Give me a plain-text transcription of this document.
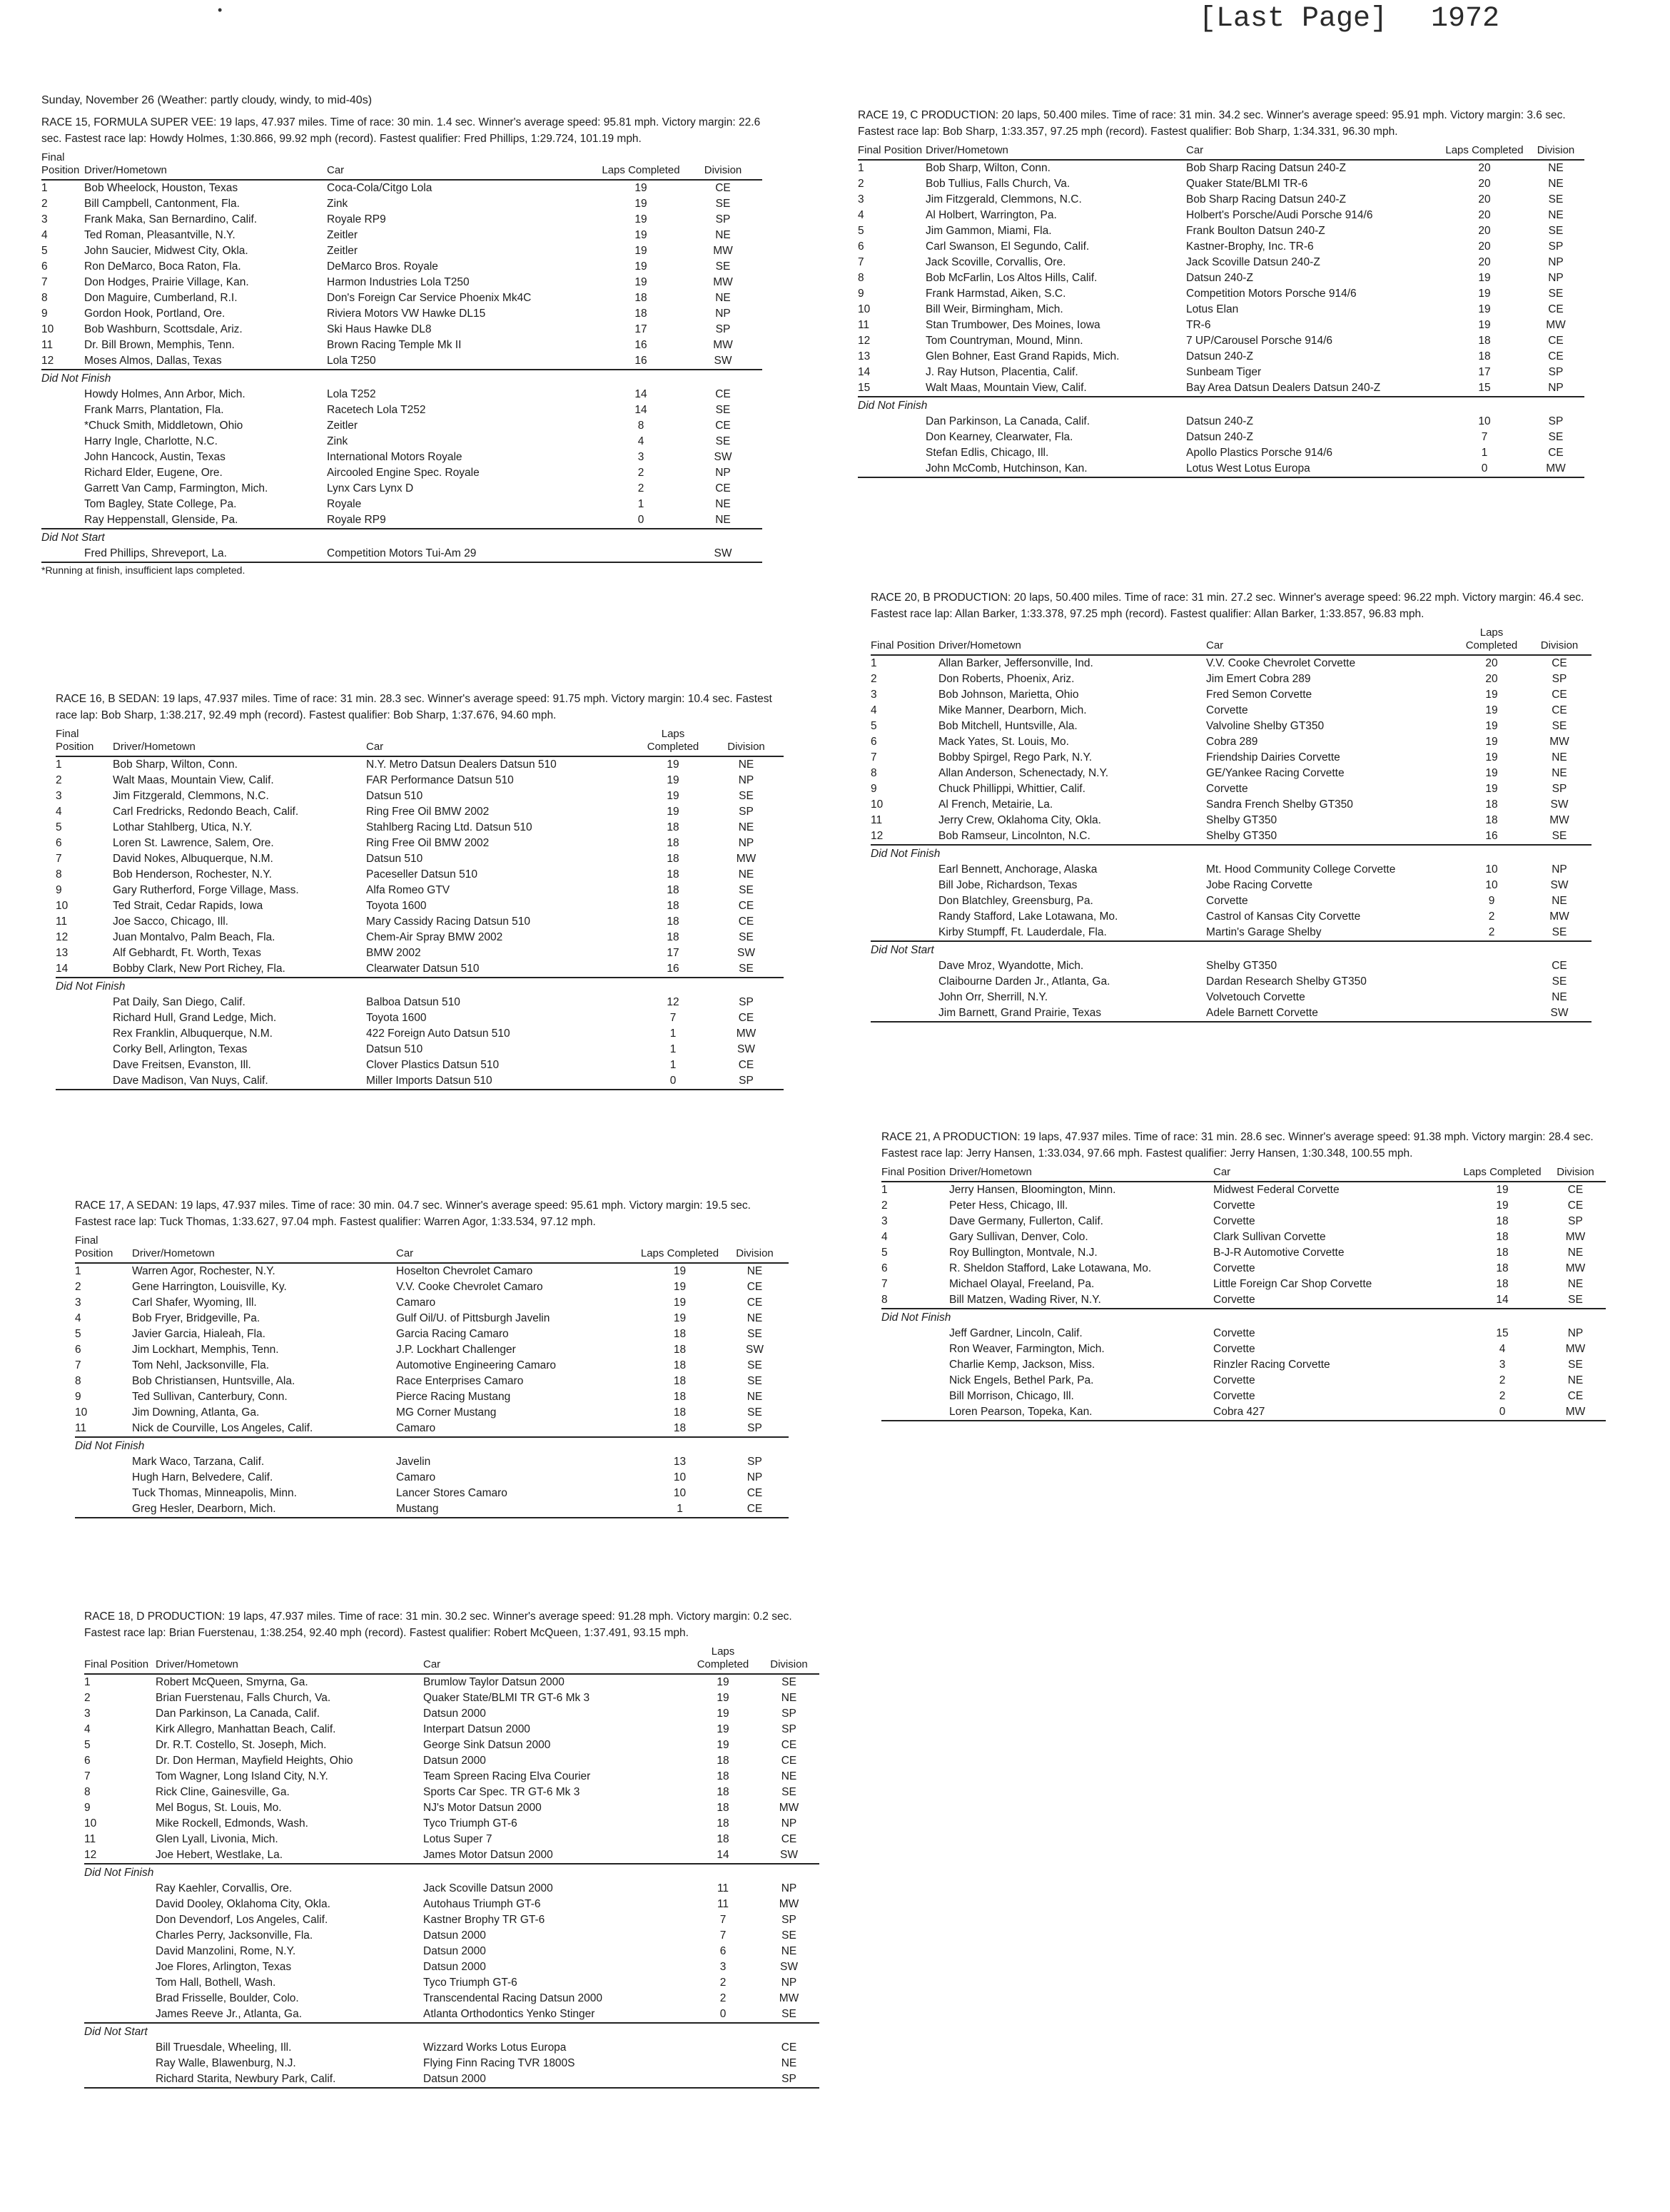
[Last Page] 1972
•
Sunday, November 26 (Weather: partly cloudy, windy, to mid-40s)
RACE 15, FORMULA SUPER VEE: 19 laps, 47.937 miles. Time of race: 30 min. 1.4 sec. Winner's average speed: 95.81 mph. Victory margin: 22.6 sec. Fastest race lap: Howdy Holmes, 1:30.866, 99.92 mph (record). Fastest qualifier: Fred Phillips, 1:29.724, 101.19 mph.
Final Position	Driver/Hometown	Car	Laps Completed	Division
1	Bob Wheelock, Houston, Texas	Coca-Cola/Citgo Lola	19	CE
2	Bill Campbell, Cantonment, Fla.	Zink	19	SE
3	Frank Maka, San Bernardino, Calif.	Royale RP9	19	SP
4	Ted Roman, Pleasantville, N.Y.	Zeitler	19	NE
5	John Saucier, Midwest City, Okla.	Zeitler	19	MW
6	Ron DeMarco, Boca Raton, Fla.	DeMarco Bros. Royale	19	SE
7	Don Hodges, Prairie Village, Kan.	Harmon Industries Lola T250	19	MW
8	Don Maguire, Cumberland, R.I.	Don's Foreign Car Service Phoenix Mk4C	18	NE
9	Gordon Hook, Portland, Ore.	Riviera Motors VW Hawke DL15	18	NP
10	Bob Washburn, Scottsdale, Ariz.	Ski Haus Hawke DL8	17	SP
11	Dr. Bill Brown, Memphis, Tenn.	Brown Racing Temple Mk II	16	MW
12	Moses Almos, Dallas, Texas	Lola T250	16	SW
Did Not Finish				
	Howdy Holmes, Ann Arbor, Mich.	Lola T252	14	CE
	Frank Marrs, Plantation, Fla.	Racetech Lola T252	14	SE
	*Chuck Smith, Middletown, Ohio	Zeitler	8	CE
	Harry Ingle, Charlotte, N.C.	Zink	4	SE
	John Hancock, Austin, Texas	International Motors Royale	3	SW
	Richard Elder, Eugene, Ore.	Aircooled Engine Spec. Royale	2	NP
	Garrett Van Camp, Farmington, Mich.	Lynx Cars Lynx D	2	CE
	Tom Bagley, State College, Pa.	Royale	1	NE
	Ray Heppenstall, Glenside, Pa.	Royale RP9	0	NE
Did Not Start				
	Fred Phillips, Shreveport, La.	Competition Motors Tui-Am 29		SW
*Running at finish, insufficient laps completed.
RACE 16, B SEDAN: 19 laps, 47.937 miles. Time of race: 31 min. 28.3 sec. Winner's average speed: 91.75 mph. Victory margin: 10.4 sec. Fastest race lap: Bob Sharp, 1:38.217, 92.49 mph (record). Fastest qualifier: Bob Sharp, 1:37.676, 94.60 mph.
Final Position	Driver/Hometown	Car	Laps Completed	Division
1	Bob Sharp, Wilton, Conn.	N.Y. Metro Datsun Dealers Datsun 510	19	NE
2	Walt Maas, Mountain View, Calif.	FAR Performance Datsun 510	19	NP
3	Jim Fitzgerald, Clemmons, N.C.	Datsun 510	19	SE
4	Carl Fredricks, Redondo Beach, Calif.	Ring Free Oil BMW 2002	19	SP
5	Lothar Stahlberg, Utica, N.Y.	Stahlberg Racing Ltd. Datsun 510	18	NE
6	Loren St. Lawrence, Salem, Ore.	Ring Free Oil BMW 2002	18	NP
7	David Nokes, Albuquerque, N.M.	Datsun 510	18	MW
8	Bob Henderson, Rochester, N.Y.	Paceseller Datsun 510	18	NE
9	Gary Rutherford, Forge Village, Mass.	Alfa Romeo GTV	18	SE
10	Ted Strait, Cedar Rapids, Iowa	Toyota 1600	18	CE
11	Joe Sacco, Chicago, Ill.	Mary Cassidy Racing Datsun 510	18	CE
12	Juan Montalvo, Palm Beach, Fla.	Chem-Air Spray BMW 2002	18	SE
13	Alf Gebhardt, Ft. Worth, Texas	BMW 2002	17	SW
14	Bobby Clark, New Port Richey, Fla.	Clearwater Datsun 510	16	SE
Did Not Finish				
	Pat Daily, San Diego, Calif.	Balboa Datsun 510	12	SP
	Richard Hull, Grand Ledge, Mich.	Toyota 1600	7	CE
	Rex Franklin, Albuquerque, N.M.	422 Foreign Auto Datsun 510	1	MW
	Corky Bell, Arlington, Texas	Datsun 510	1	SW
	Dave Freitsen, Evanston, Ill.	Clover Plastics Datsun 510	1	CE
	Dave Madison, Van Nuys, Calif.	Miller Imports Datsun 510	0	SP
RACE 17, A SEDAN: 19 laps, 47.937 miles. Time of race: 30 min. 04.7 sec. Winner's average speed: 95.61 mph. Victory margin: 19.5 sec. Fastest race lap: Tuck Thomas, 1:33.627, 97.04 mph. Fastest qualifier: Warren Agor, 1:33.534, 97.12 mph.
Final Position	Driver/Hometown	Car	Laps Completed	Division
1	Warren Agor, Rochester, N.Y.	Hoselton Chevrolet Camaro	19	NE
2	Gene Harrington, Louisville, Ky.	V.V. Cooke Chevrolet Camaro	19	CE
3	Carl Shafer, Wyoming, Ill.	Camaro	19	CE
4	Bob Fryer, Bridgeville, Pa.	Gulf Oil/U. of Pittsburgh Javelin	19	NE
5	Javier Garcia, Hialeah, Fla.	Garcia Racing Camaro	18	SE
6	Jim Lockhart, Memphis, Tenn.	J.P. Lockhart Challenger	18	SW
7	Tom Nehl, Jacksonville, Fla.	Automotive Engineering Camaro	18	SE
8	Bob Christiansen, Huntsville, Ala.	Race Enterprises Camaro	18	SE
9	Ted Sullivan, Canterbury, Conn.	Pierce Racing Mustang	18	NE
10	Jim Downing, Atlanta, Ga.	MG Corner Mustang	18	SE
11	Nick de Courville, Los Angeles, Calif.	Camaro	18	SP
Did Not Finish				
	Mark Waco, Tarzana, Calif.	Javelin	13	SP
	Hugh Harn, Belvedere, Calif.	Camaro	10	NP
	Tuck Thomas, Minneapolis, Minn.	Lancer Stores Camaro	10	CE
	Greg Hesler, Dearborn, Mich.	Mustang	1	CE
RACE 18, D PRODUCTION: 19 laps, 47.937 miles. Time of race: 31 min. 30.2 sec. Winner's average speed: 91.28 mph. Victory margin: 0.2 sec. Fastest race lap: Brian Fuerstenau, 1:38.254, 92.40 mph (record). Fastest qualifier: Robert McQueen, 1:37.491, 93.15 mph.
Final Position	Driver/Hometown	Car	Laps Completed	Division
1	Robert McQueen, Smyrna, Ga.	Brumlow Taylor Datsun 2000	19	SE
2	Brian Fuerstenau, Falls Church, Va.	Quaker State/BLMI TR GT-6 Mk 3	19	NE
3	Dan Parkinson, La Canada, Calif.	Datsun 2000	19	SP
4	Kirk Allegro, Manhattan Beach, Calif.	Interpart Datsun 2000	19	SP
5	Dr. R.T. Costello, St. Joseph, Mich.	George Sink Datsun 2000	19	CE
6	Dr. Don Herman, Mayfield Heights, Ohio	Datsun 2000	18	CE
7	Tom Wagner, Long Island City, N.Y.	Team Spreen Racing Elva Courier	18	NE
8	Rick Cline, Gainesville, Ga.	Sports Car Spec. TR GT-6 Mk 3	18	SE
9	Mel Bogus, St. Louis, Mo.	NJ's Motor Datsun 2000	18	MW
10	Mike Rockell, Edmonds, Wash.	Tyco Triumph GT-6	18	NP
11	Glen Lyall, Livonia, Mich.	Lotus Super 7	18	CE
12	Joe Hebert, Westlake, La.	James Motor Datsun 2000	14	SW
Did Not Finish				
	Ray Kaehler, Corvallis, Ore.	Jack Scoville Datsun 2000	11	NP
	David Dooley, Oklahoma City, Okla.	Autohaus Triumph GT-6	11	MW
	Don Devendorf, Los Angeles, Calif.	Kastner Brophy TR GT-6	7	SP
	Charles Perry, Jacksonville, Fla.	Datsun 2000	7	SE
	David Manzolini, Rome, N.Y.	Datsun 2000	6	NE
	Joe Flores, Arlington, Texas	Datsun 2000	3	SW
	Tom Hall, Bothell, Wash.	Tyco Triumph GT-6	2	NP
	Brad Frisselle, Boulder, Colo.	Transcendental Racing Datsun 2000	2	MW
	James Reeve Jr., Atlanta, Ga.	Atlanta Orthodontics Yenko Stinger	0	SE
Did Not Start				
	Bill Truesdale, Wheeling, Ill.	Wizzard Works Lotus Europa		CE
	Ray Walle, Blawenburg, N.J.	Flying Finn Racing TVR 1800S		NE
	Richard Starita, Newbury Park, Calif.	Datsun 2000		SP
RACE 19, C PRODUCTION: 20 laps, 50.400 miles. Time of race: 31 min. 34.2 sec. Winner's average speed: 95.91 mph. Victory margin: 3.6 sec. Fastest race lap: Bob Sharp, 1:33.357, 97.25 mph (record). Fastest qualifier: Bob Sharp, 1:34.331, 96.30 mph.
Final Position	Driver/Hometown	Car	Laps Completed	Division
1	Bob Sharp, Wilton, Conn.	Bob Sharp Racing Datsun 240-Z	20	NE
2	Bob Tullius, Falls Church, Va.	Quaker State/BLMI TR-6	20	NE
3	Jim Fitzgerald, Clemmons, N.C.	Bob Sharp Racing Datsun 240-Z	20	SE
4	Al Holbert, Warrington, Pa.	Holbert's Porsche/Audi Porsche 914/6	20	NE
5	Jim Gammon, Miami, Fla.	Frank Boulton Datsun 240-Z	20	SE
6	Carl Swanson, El Segundo, Calif.	Kastner-Brophy, Inc. TR-6	20	SP
7	Jack Scoville, Corvallis, Ore.	Jack Scoville Datsun 240-Z	20	NP
8	Bob McFarlin, Los Altos Hills, Calif.	Datsun 240-Z	19	NP
9	Frank Harmstad, Aiken, S.C.	Competition Motors Porsche 914/6	19	SE
10	Bill Weir, Birmingham, Mich.	Lotus Elan	19	CE
11	Stan Trumbower, Des Moines, Iowa	TR-6	19	MW
12	Tom Countryman, Mound, Minn.	7 UP/Carousel Porsche 914/6	18	CE
13	Glen Bohner, East Grand Rapids, Mich.	Datsun 240-Z	18	CE
14	J. Ray Hutson, Placentia, Calif.	Sunbeam Tiger	17	SP
15	Walt Maas, Mountain View, Calif.	Bay Area Datsun Dealers Datsun 240-Z	15	NP
Did Not Finish				
	Dan Parkinson, La Canada, Calif.	Datsun 240-Z	10	SP
	Don Kearney, Clearwater, Fla.	Datsun 240-Z	7	SE
	Stefan Edlis, Chicago, Ill.	Apollo Plastics Porsche 914/6	1	CE
	John McComb, Hutchinson, Kan.	Lotus West Lotus Europa	0	MW
RACE 20, B PRODUCTION: 20 laps, 50.400 miles. Time of race: 31 min. 27.2 sec. Winner's average speed: 96.22 mph. Victory margin: 46.4 sec. Fastest race lap: Allan Barker, 1:33.378, 97.25 mph (record). Fastest qualifier: Allan Barker, 1:33.857, 96.83 mph.
Final Position	Driver/Hometown	Car	Laps Completed	Division
1	Allan Barker, Jeffersonville, Ind.	V.V. Cooke Chevrolet Corvette	20	CE
2	Don Roberts, Phoenix, Ariz.	Jim Emert Cobra 289	20	SP
3	Bob Johnson, Marietta, Ohio	Fred Semon Corvette	19	CE
4	Mike Manner, Dearborn, Mich.	Corvette	19	CE
5	Bob Mitchell, Huntsville, Ala.	Valvoline Shelby GT350	19	SE
6	Mack Yates, St. Louis, Mo.	Cobra 289	19	MW
7	Bobby Spirgel, Rego Park, N.Y.	Friendship Dairies Corvette	19	NE
8	Allan Anderson, Schenectady, N.Y.	GE/Yankee Racing Corvette	19	NE
9	Chuck Phillippi, Whittier, Calif.	Corvette	19	SP
10	Al French, Metairie, La.	Sandra French Shelby GT350	18	SW
11	Jerry Crew, Oklahoma City, Okla.	Shelby GT350	18	MW
12	Bob Ramseur, Lincolnton, N.C.	Shelby GT350	16	SE
Did Not Finish				
	Earl Bennett, Anchorage, Alaska	Mt. Hood Community College Corvette	10	NP
	Bill Jobe, Richardson, Texas	Jobe Racing Corvette	10	SW
	Don Blatchley, Greensburg, Pa.	Corvette	9	NE
	Randy Stafford, Lake Lotawana, Mo.	Castrol of Kansas City Corvette	2	MW
	Kirby Stumpff, Ft. Lauderdale, Fla.	Martin's Garage Shelby	2	SE
Did Not Start				
	Dave Mroz, Wyandotte, Mich.	Shelby GT350		CE
	Claibourne Darden Jr., Atlanta, Ga.	Dardan Research Shelby GT350		SE
	John Orr, Sherrill, N.Y.	Volvetouch Corvette		NE
	Jim Barnett, Grand Prairie, Texas	Adele Barnett Corvette		SW
RACE 21, A PRODUCTION: 19 laps, 47.937 miles. Time of race: 31 min. 28.6 sec. Winner's average speed: 91.38 mph. Victory margin: 28.4 sec. Fastest race lap: Jerry Hansen, 1:33.034, 97.66 mph. Fastest qualifier: Jerry Hansen, 1:30.348, 100.55 mph.
Final Position	Driver/Hometown	Car	Laps Completed	Division
1	Jerry Hansen, Bloomington, Minn.	Midwest Federal Corvette	19	CE
2	Peter Hess, Chicago, Ill.	Corvette	19	CE
3	Dave Germany, Fullerton, Calif.	Corvette	18	SP
4	Gary Sullivan, Denver, Colo.	Clark Sullivan Corvette	18	MW
5	Roy Bullington, Montvale, N.J.	B-J-R Automotive Corvette	18	NE
6	R. Sheldon Stafford, Lake Lotawana, Mo.	Corvette	18	MW
7	Michael Olayal, Freeland, Pa.	Little Foreign Car Shop Corvette	18	NE
8	Bill Matzen, Wading River, N.Y.	Corvette	14	SE
Did Not Finish				
	Jeff Gardner, Lincoln, Calif.	Corvette	15	NP
	Ron Weaver, Farmington, Mich.	Corvette	4	MW
	Charlie Kemp, Jackson, Miss.	Rinzler Racing Corvette	3	SE
	Nick Engels, Bethel Park, Pa.	Corvette	2	NE
	Bill Morrison, Chicago, Ill.	Corvette	2	CE
	Loren Pearson, Topeka, Kan.	Cobra 427	0	MW
